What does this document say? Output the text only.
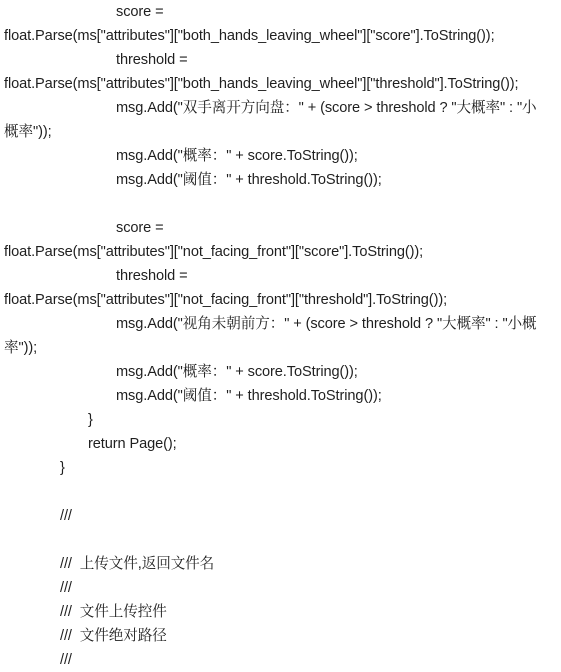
score =
float.Parse(ms["attributes"]["both_hands_leaving_wheel"]["score"].ToString());
threshold =
float.Parse(ms["attributes"]["both_hands_leaving_wheel"]["threshold"].ToString());
msg.Add("双手离开方向盘：" + (score > threshold ? "大概率" : "小
概率"));
msg.Add("概率：" + score.ToString());
msg.Add("阈值：" + threshold.ToString());
score =
float.Parse(ms["attributes"]["not_facing_front"]["score"].ToString());
threshold =
float.Parse(ms["attributes"]["not_facing_front"]["threshold"].ToString());
msg.Add("视角未朝前方：" + (score > threshold ? "大概率" : "小概
率"));
msg.Add("概率：" + score.ToString());
msg.Add("阈值：" + threshold.ToString());
}
return Page();
}
///
///  上传文件,返回文件名
///
///  文件上传控件
///  文件绝对路径
///
